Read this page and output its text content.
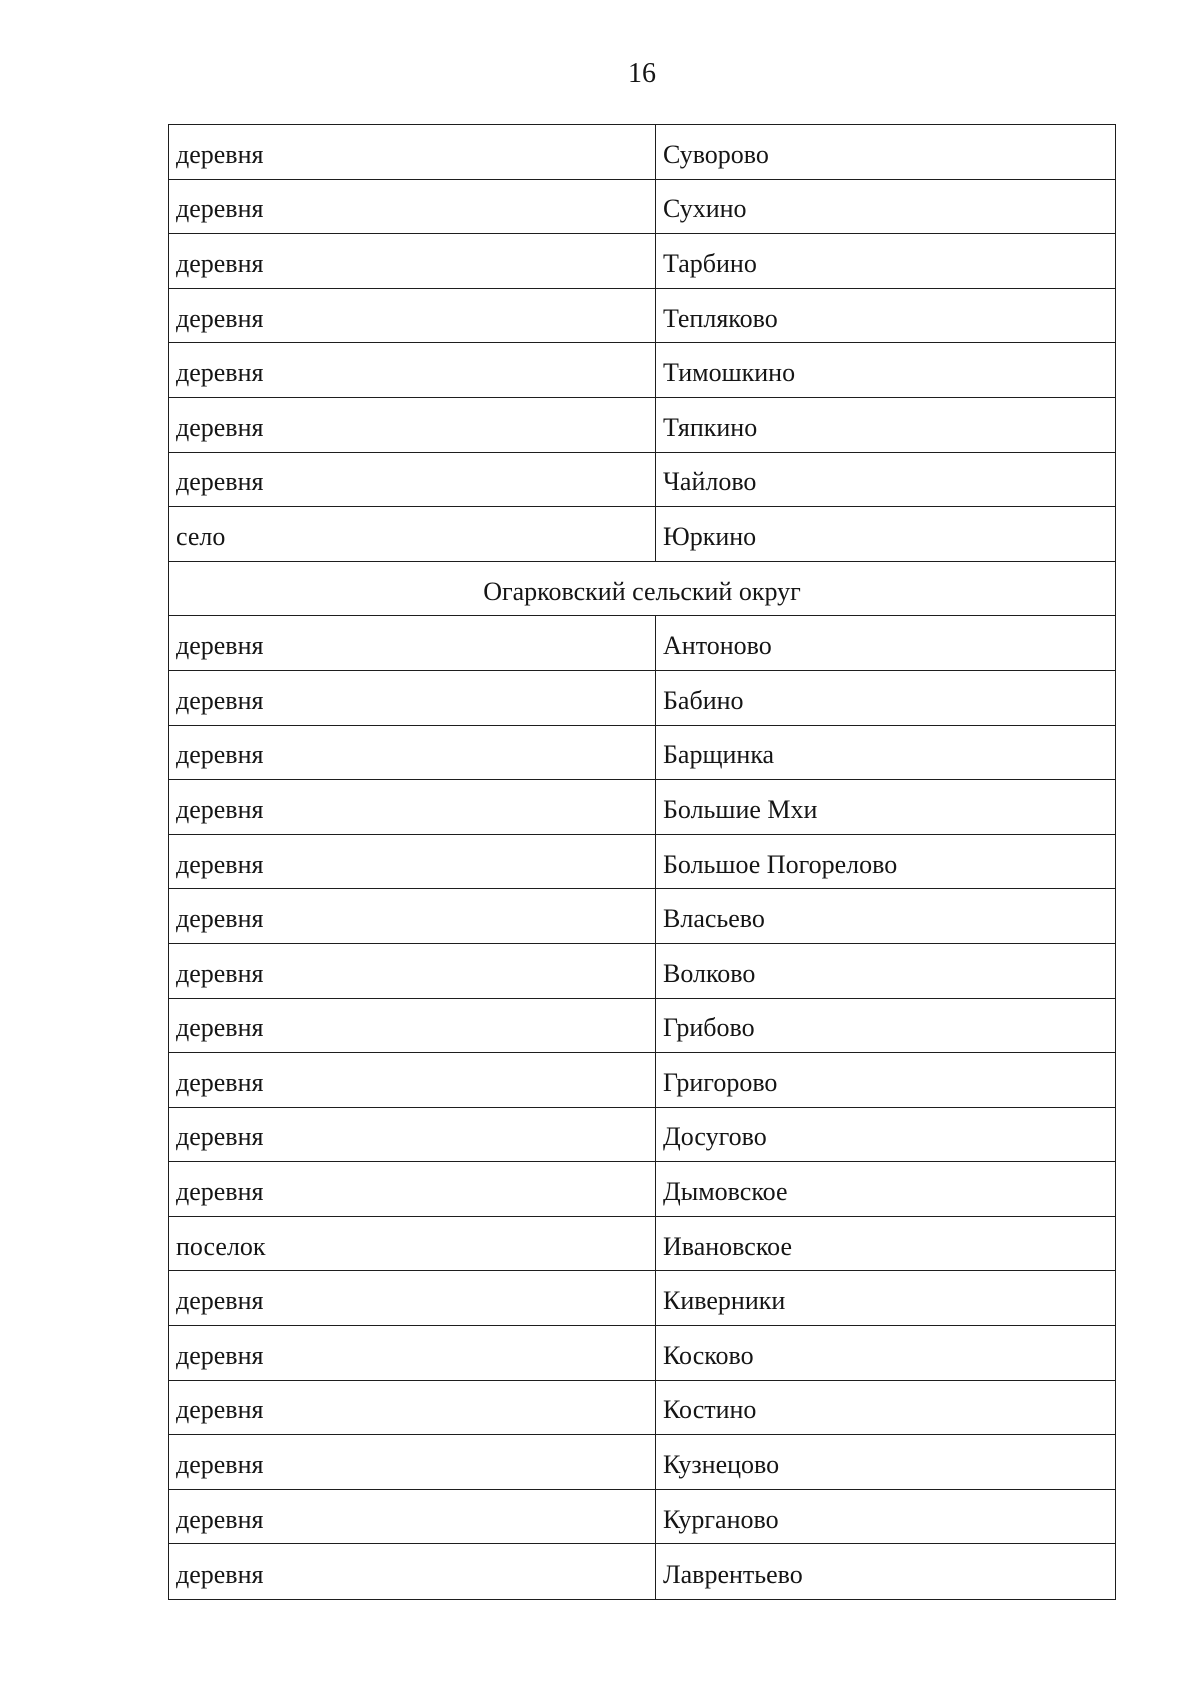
16
деревня	Суворово
деревня	Сухино
деревня	Тарбино
деревня	Тепляково
деревня	Тимошкино
деревня	Тяпкино
деревня	Чайлово
село	Юркино
Огарковский сельский округ
деревня	Антоново
деревня	Бабино
деревня	Барщинка
деревня	Большие Мхи
деревня	Большое Погорелово
деревня	Власьево
деревня	Волково
деревня	Грибово
деревня	Григорово
деревня	Досугово
деревня	Дымовское
поселок	Ивановское
деревня	Киверники
деревня	Косково
деревня	Костино
деревня	Кузнецово
деревня	Курганово
деревня	Лаврентьево
